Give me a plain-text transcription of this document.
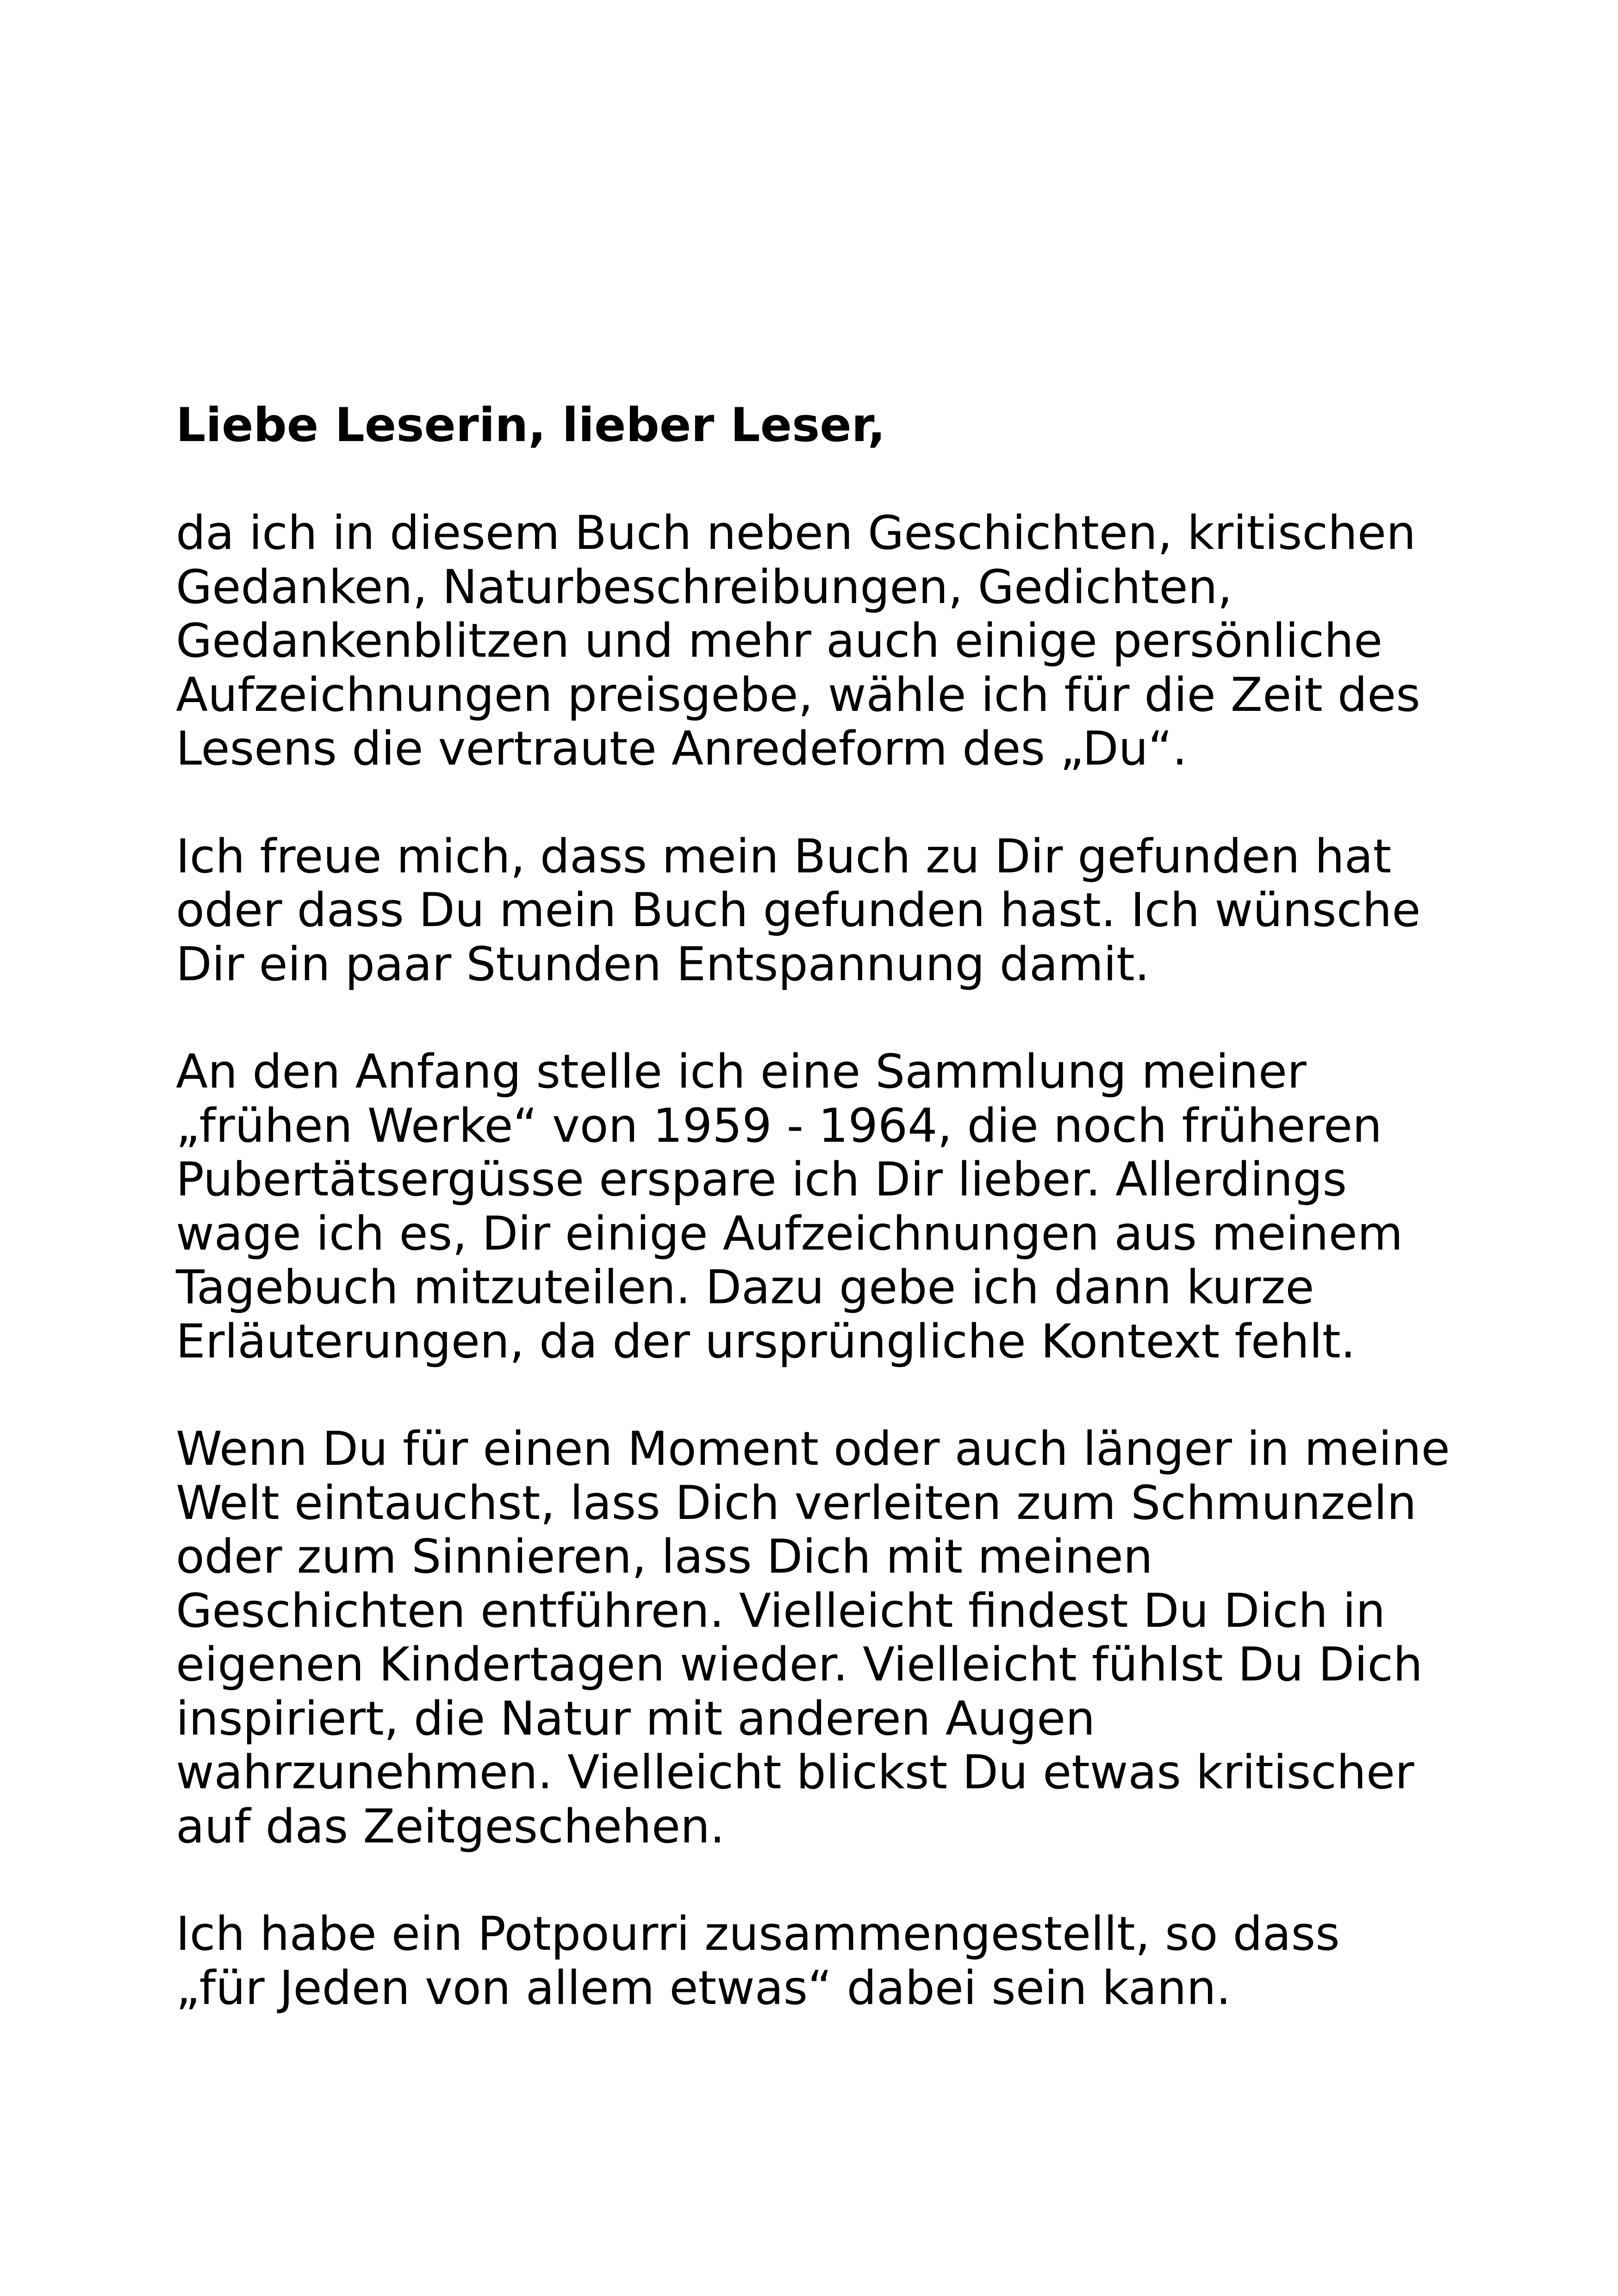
Liebe Leserin, lieber Leser,
da ich in diesem Buch neben Geschichten, kritischen
Gedanken, Naturbeschreibungen, Gedichten,
Gedankenblitzen und mehr auch einige persönliche
Aufzeichnungen preisgebe, wähle ich für die Zeit des
Lesens die vertraute Anredeform des „Du“.
Ich freue mich, dass mein Buch zu Dir gefunden hat
oder dass Du mein Buch gefunden hast. Ich wünsche
Dir ein paar Stunden Entspannung damit.
An den Anfang stelle ich eine Sammlung meiner
„frühen Werke“ von 1959 - 1964, die noch früheren
Pubertätsergüsse erspare ich Dir lieber. Allerdings
wage ich es, Dir einige Aufzeichnungen aus meinem
Tagebuch mitzuteilen. Dazu gebe ich dann kurze
Erläuterungen, da der ursprüngliche Kontext fehlt.
Wenn Du für einen Moment oder auch länger in meine
Welt eintauchst, lass Dich verleiten zum Schmunzeln
oder zum Sinnieren, lass Dich mit meinen
Geschichten entführen. Vielleicht findest Du Dich in
eigenen Kindertagen wieder. Vielleicht fühlst Du Dich
inspiriert, die Natur mit anderen Augen
wahrzunehmen. Vielleicht blickst Du etwas kritischer
auf das Zeitgeschehen.
Ich habe ein Potpourri zusammengestellt, so dass
„für Jeden von allem etwas“ dabei sein kann.
